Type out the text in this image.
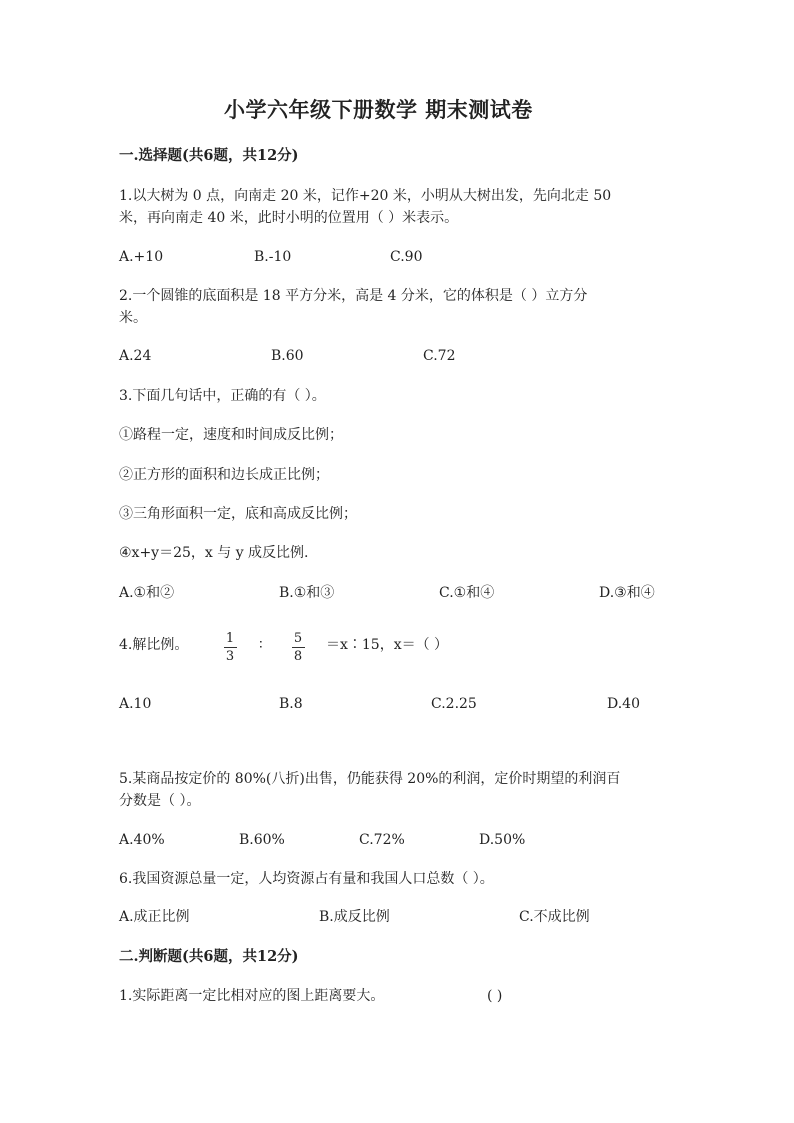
小学六年级下册数学 期末测试卷
一.选择题(共6题，共12分)
1.以大树为 0 点，向南走 20 米，记作+20 米，小明从大树出发，先向北走 50
米，再向南走 40 米，此时小明的位置用（ ）米表示。
A.+10	B.-10	C.90
2.一个圆锥的底面积是 18 平方分米，高是 4 分米，它的体积是（ ）立方分
米。
A.24	B.60	C.72
3.下面几句话中，正确的有（ ）。
①路程一定，速度和时间成反比例；
②正方形的面积和边长成正比例；
③三角形面积一定，底和高成反比例；
④x+y＝25，x 与 y 成反比例.
A.①和②	B.①和③	C.①和④	D.③和④
4.解比例。	1
3
∶ 5
8
＝x∶15，x＝（ ）
A.10	B.8	C.2.25	D.40
5.某商品按定价的 80%(八折)出售，仍能获得 20%的利润，定价时期望的利润百
分数是（ ）。
A.40%	B.60%	C.72%	D.50%
6.我国资源总量一定，人均资源占有量和我国人口总数（ ）。
A.成正比例	B.成反比例	C.不成比例
二.判断题(共6题，共12分)
1.实际距离一定比相对应的图上距离要大。	( )
